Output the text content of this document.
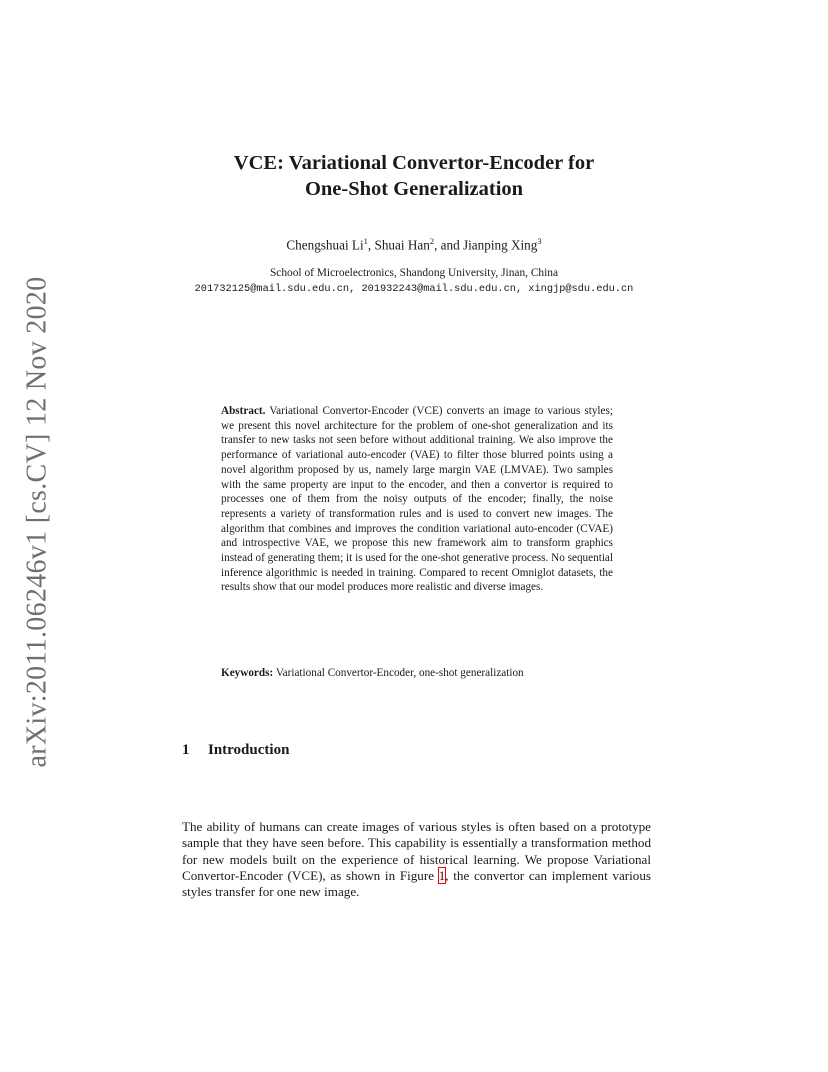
arXiv:2011.06246v1 [cs.CV] 12 Nov 2020
VCE: Variational Convertor-Encoder for
One-Shot Generalization
Chengshuai Li$^1$, Shuai Han$^2$, and Jianping Xing$^3$
School of Microelectronics, Shandong University, Jinan, China
201732125@mail.sdu.edu.cn, 201932243@mail.sdu.edu.cn, xingjp@sdu.edu.cn

Abstract. Variational Convertor-Encoder (VCE) converts an image to various styles; we present this novel architecture for the problem of one-shot generalization and its transfer to new tasks not seen before without additional training. We also improve the performance of variational auto-encoder (VAE) to filter those blurred points using a novel algorithm proposed by us, namely large margin VAE (LMVAE). Two samples with the same property are input to the encoder, and then a convertor is required to processes one of them from the noisy outputs of the encoder; finally, the noise represents a variety of transformation rules and is used to convert new images. The algorithm that combines and improves the condition variational auto-encoder (CVAE) and introspective VAE, we propose this new framework aim to transform graphics instead of generating them; it is used for the one-shot generative process. No sequential inference algorithmic is needed in training. Compared to recent Omniglot datasets, the results show that our model produces more realistic and diverse images.

Keywords: Variational Convertor-Encoder, one-shot generalization
1 Introduction

The ability of humans can create images of various styles is often based on a prototype sample that they have seen before. This capability is essentially a transformation method for new models built on the experience of historical learning. We propose Variational Convertor-Encoder (VCE), as shown in Figure 1, the convertor can implement various styles transfer for one new image.
